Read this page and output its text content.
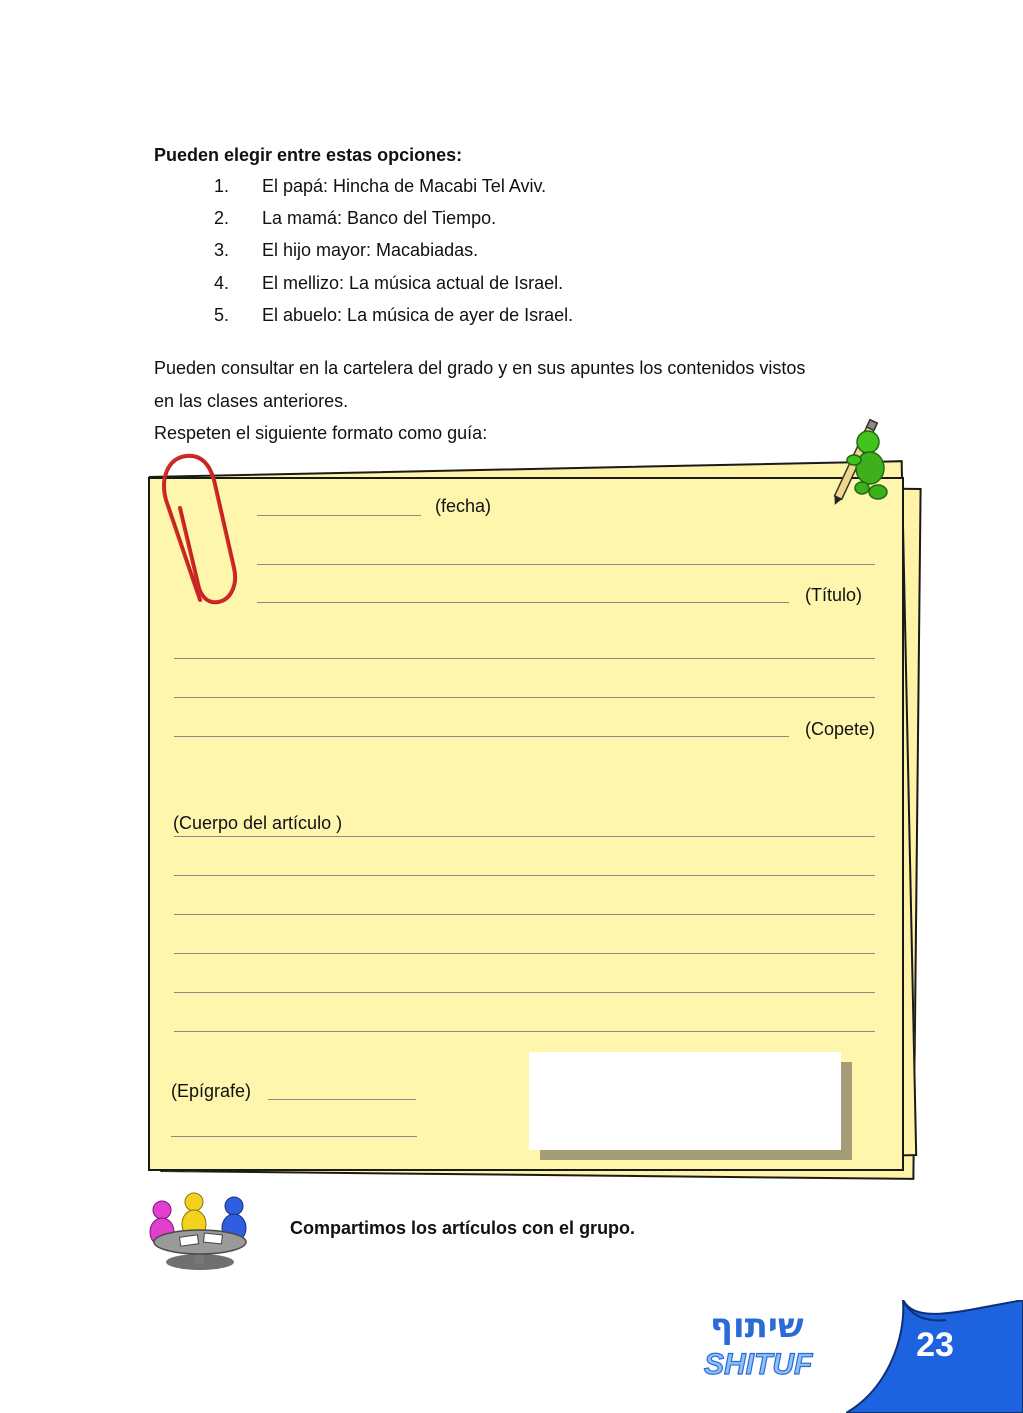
Pueden elegir entre estas opciones:
1. El papá: Hincha de Macabi Tel Aviv.
2. La mamá: Banco del Tiempo.
3. El hijo mayor: Macabiadas.
4. El mellizo: La música actual de Israel.
5. El abuelo: La música de ayer de Israel.
Pueden consultar en la cartelera del grado y en sus apuntes los contenidos vistos
en las clases anteriores.
Respeten el siguiente formato como guía:
(fecha)
(Título)
(Copete)
(Cuerpo del artículo )
(Epígrafe)
Compartimos los artículos con el grupo.
שיתוף
SHITUF
23
